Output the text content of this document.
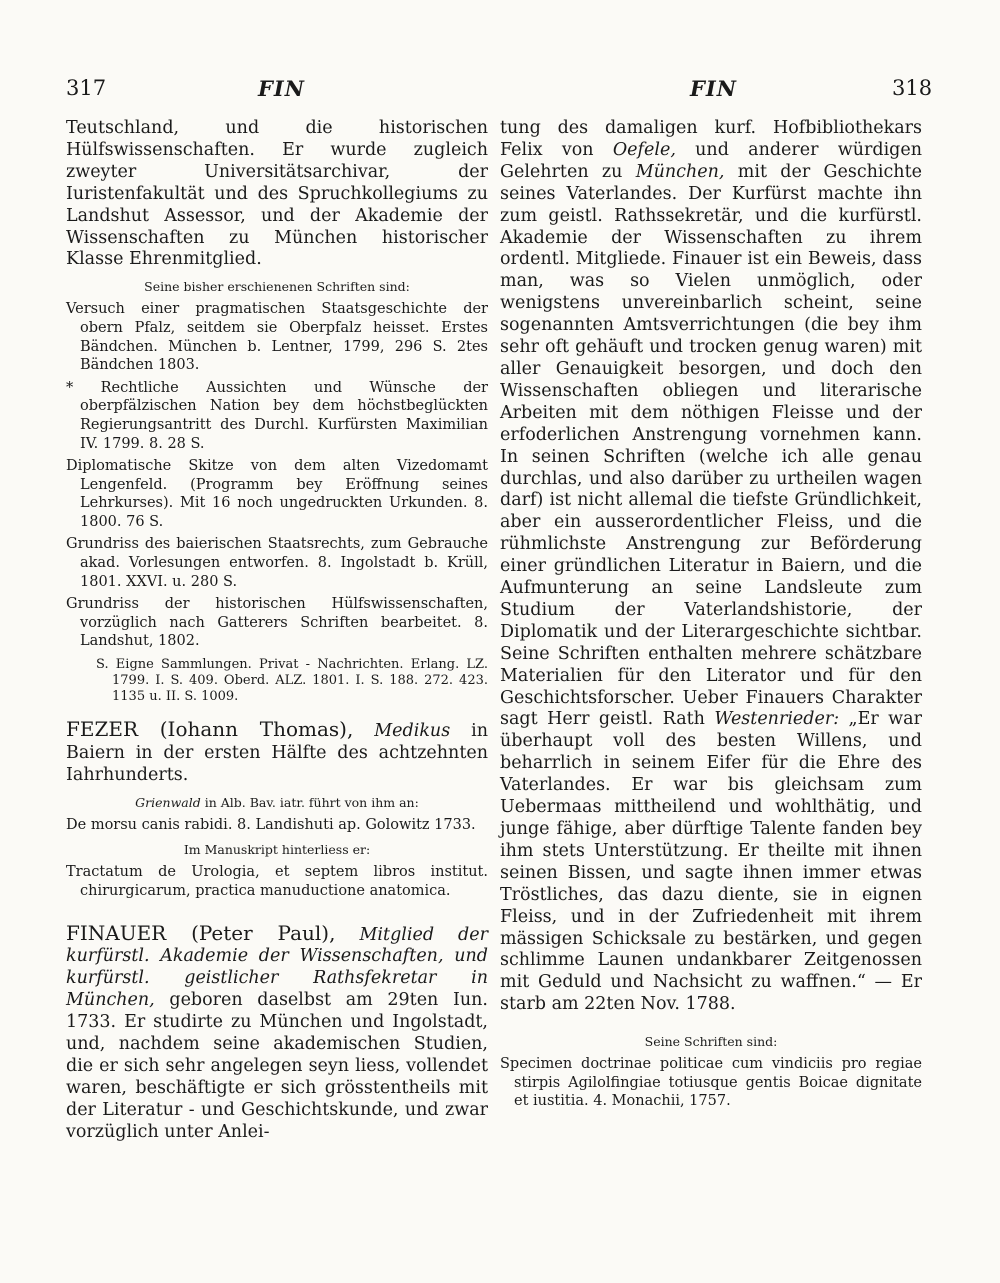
317	FIN	FIN	318

Teutschland, und die historischen Hülfswissenschaften. Er wurde zugleich zweyter Universitätsarchivar, der Iuristenfakultät und des Spruchkollegiums zu Landshut Assessor, und der Akademie der Wissenschaften zu München historischer Klasse Ehrenmitglied.

Seine bisher erschienenen Schriften sind:

Versuch einer pragmatischen Staatsgeschichte der obern Pfalz, seitdem sie Oberpfalz heisset. Erstes Bändchen. München b. Lentner, 1799, 296 S. 2tes Bändchen 1803.

* Rechtliche Aussichten und Wünsche der oberpfälzischen Nation bey dem höchstbeglückten Regierungsantritt des Durchl. Kurfürsten Maximilian IV. 1799. 8. 28 S.

Diplomatische Skitze von dem alten Vizedomamt Lengenfeld. (Programm bey Eröffnung seines Lehrkurses). Mit 16 noch ungedruckten Urkunden. 8. 1800. 76 S.

Grundriss des baierischen Staatsrechts, zum Gebrauche akad. Vorlesungen entworfen. 8. Ingolstadt b. Krüll, 1801. XXVI. u. 280 S.

Grundriss der historischen Hülfswissenschaften, vorzüglich nach Gatterers Schriften bearbeitet. 8. Landshut, 1802.

S. Eigne Sammlungen. Privat - Nachrichten. Erlang. LZ. 1799. I. S. 409. Oberd. ALZ. 1801. I. S. 188. 272. 423. 1135 u. II. S. 1009.

FEZER (Iohann Thomas), Medikus in Baiern in der ersten Hälfte des achtzehnten Iahrhunderts.

Grienwald in Alb. Bav. iatr. führt von ihm an:

De morsu canis rabidi. 8. Landishuti ap. Golowitz 1733.

Im Manuskript hinterliess er:

Tractatum de Urologia, et septem libros institut. chirurgicarum, practica manuductione anatomica.

FINAUER (Peter Paul), Mitglied der kurfürstl. Akademie der Wissenschaften, und kurfürstl. geistlicher Rathsfekretar in München, geboren daselbst am 29ten Iun. 1733. Er studirte zu München und Ingolstadt, und, nachdem seine akademischen Studien, die er sich sehr angelegen seyn liess, vollendet waren, beschäftigte er sich grösstentheils mit der Literatur - und Geschichtskunde, und zwar vorzüglich unter Anlei-

tung des damaligen kurf. Hofbibliothekars Felix von Oefele, und anderer würdigen Gelehrten zu München, mit der Geschichte seines Vaterlandes. Der Kurfürst machte ihn zum geistl. Rathssekretär, und die kurfürstl. Akademie der Wissenschaften zu ihrem ordentl. Mitgliede. Finauer ist ein Beweis, dass man, was so Vielen unmöglich, oder wenigstens unvereinbarlich scheint, seine sogenannten Amtsverrichtungen (die bey ihm sehr oft gehäuft und trocken genug waren) mit aller Genauigkeit besorgen, und doch den Wissenschaften obliegen und literarische Arbeiten mit dem nöthigen Fleisse und der erfoderlichen Anstrengung vornehmen kann. In seinen Schriften (welche ich alle genau durchlas, und also darüber zu urtheilen wagen darf) ist nicht allemal die tiefste Gründlichkeit, aber ein ausserordentlicher Fleiss, und die rühmlichste Anstrengung zur Beförderung einer gründlichen Literatur in Baiern, und die Aufmunterung an seine Landsleute zum Studium der Vaterlandshistorie, der Diplomatik und der Literargeschichte sichtbar. Seine Schriften enthalten mehrere schätzbare Materialien für den Literator und für den Geschichtsforscher. Ueber Finauers Charakter sagt Herr geistl. Rath Westenrieder: „Er war überhaupt voll des besten Willens, und beharrlich in seinem Eifer für die Ehre des Vaterlandes. Er war bis gleichsam zum Uebermaas mittheilend und wohlthätig, und junge fähige, aber dürftige Talente fanden bey ihm stets Unterstützung. Er theilte mit ihnen seinen Bissen, und sagte ihnen immer etwas Tröstliches, das dazu diente, sie in eignen Fleiss, und in der Zufriedenheit mit ihrem mässigen Schicksale zu bestärken, und gegen schlimme Launen undankbarer Zeitgenossen mit Geduld und Nachsicht zu waffnen.“ — Er starb am 22ten Nov. 1788.

Seine Schriften sind:

Specimen doctrinae politicae cum vindiciis pro regiae stirpis Agilolfingiae totiusque gentis Boicae dignitate et iustitia. 4. Monachii, 1757.
